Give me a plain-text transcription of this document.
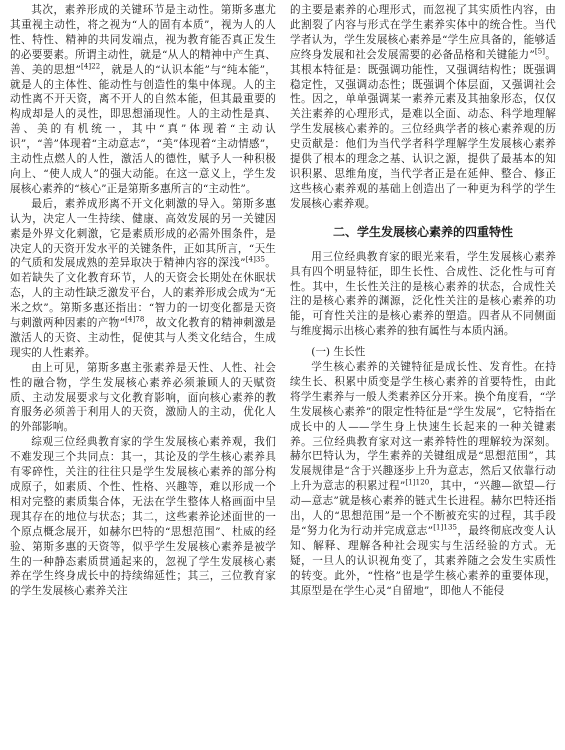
其次，素养形成的关键环节是主动性。第斯多惠尤其重视主动性，将之视为“人的固有本质”，视为人的人性、特性、精神的共同发端点，视为教育能否真正发生的必要要素。所谓主动性，就是“从人的精神中产生真、善、美的思想”$^{[4]22}$，就是人的“认识本能”与“纯本能”，就是人的主体性、能动性与创造性的集中体现。人的主动性离不开天资，离不开人的自然本能，但其最重要的构成却是人的灵性，即思想涌现性。人的主动性是真、善、美的有机统一，其中“真”体现着“主动认识”，“善”体现着“主动意志”，“美”体现着“主动情感”，主动性点燃人的人性，激活人的德性，赋予人一种积极向上、“使人成人”的强大动能。在这一意义上，学生发展核心素养的“核心”正是第斯多惠所言的“主动性”。

最后，素养成形离不开文化刺激的导入。第斯多惠认为，决定人一生持续、健康、高效发展的另一关键因素是外界文化刺激，它是素质形成的必需外围条件，是决定人的天资开发水平的关键条件，正如其所言，“天生的气质和发展成熟的差异取决于精神内容的深浅”$^{[4]35}$。如若缺失了文化教育环节，人的天资会长期处在休眠状态，人的主动性缺乏激发平台，人的素养形成会成为“无米之炊”。第斯多惠还指出：“智力的一切变化都是天资与刺激两种因素的产物”$^{[4]78}$，故文化教育的精神刺激是激活人的天资、主动性，促使其与人类文化结合，生成现实的人性素养。

由上可见，第斯多惠主张素养是天性、人性、社会性的融合物，学生发展核心素养必须兼顾人的天赋资质、主动发展要求与文化教育影响，面向核心素养的教育服务必须善于利用人的天资，激励人的主动，优化人的外部影响。

综观三位经典教育家的学生发展核心素养观，我们不难发现三个共同点：其一，其论及的学生核心素养具有零碎性，关注的往往只是学生发展核心素养的部分构成原子，如素质、个性、性格、兴趣等，难以形成一个相对完整的素质集合体，无法在学生整体人格画面中呈现其存在的地位与状态；其二，这些素养论述面世的一个原点概念展开，如赫尔巴特的“思想范围”、杜威的经验、第斯多惠的天资等，似乎学生发展核心素养是被学生的一种静态素质贯通起来的，忽视了学生发展核心素养在学生终身成长中的持续绵延性；其三，三位教育家的学生发展核心素养关注

的主要是素养的心理形式，而忽视了其实质性内容，由此割裂了内容与形式在学生素养实体中的统合性。当代学者认为，学生发展核心素养是“学生应具备的，能够适应终身发展和社会发展需要的必备品格和关键能力”[5]。其根本特征是：既强调功能性，又强调结构性；既强调稳定性，又强调动态性；既强调个体层面，又强调社会性。因之，单单强调某一素养元素及其抽象形态，仅仅关注素养的心理形式，是难以全面、动态、科学地理解学生发展核心素养的。三位经典学者的核心素养观的历史贡献是：他们为当代学者科学理解学生发展核心素养提供了根本的理念之基、认识之源，提供了最基本的知识积累、思维角度，当代学者正是在延伸、整合、修正这些核心素养观的基础上创造出了一种更为科学的学生发展核心素养观。

二、学生发展核心素养的四重特性

用三位经典教育家的眼光来看，学生发展核心素养具有四个明显特征，即生长性、合成性、泛化性与可育性。其中，生长性关注的是核心素养的状态，合成性关注的是核心素养的渊源，泛化性关注的是核心素养的功能，可育性关注的是核心素养的塑造。四者从不同侧面与维度揭示出核心素养的独有属性与本质内涵。

(一) 生长性

学生核心素养的关键特征是成长性、发育性。在持续生长、积累中质变是学生核心素养的首要特性，由此将学生素养与一般人类素养区分开来。换个角度看，“学生发展核心素养”的限定性特征是“学生发展”，它特指在成长中的人——学生身上快速生长起来的一种关键素养。三位经典教育家对这一素养特性的理解较为深刻。赫尔巴特认为，学生素养的关键组成是“思想范围”，其发展规律是“含于兴趣逐步上升为意志，然后又依靠行动上升为意志的积累过程”$^{[1]120}$，其中，“兴趣—欲望—行动—意志”就是核心素养的链式生长进程。赫尔巴特还指出，人的“思想范围”是一个不断被充实的过程，其手段是“努力化为行动并完成意志”$^{[1]135}$，最终彻底改变人认知、解释、理解各种社会现实与生活经验的方式。无疑，一旦人的认识视角变了，其素养随之会发生实质性的转变。此外，“性格”也是学生核心素养的重要体现，其原型是在学生心灵“自留地”，即他人不能侵
